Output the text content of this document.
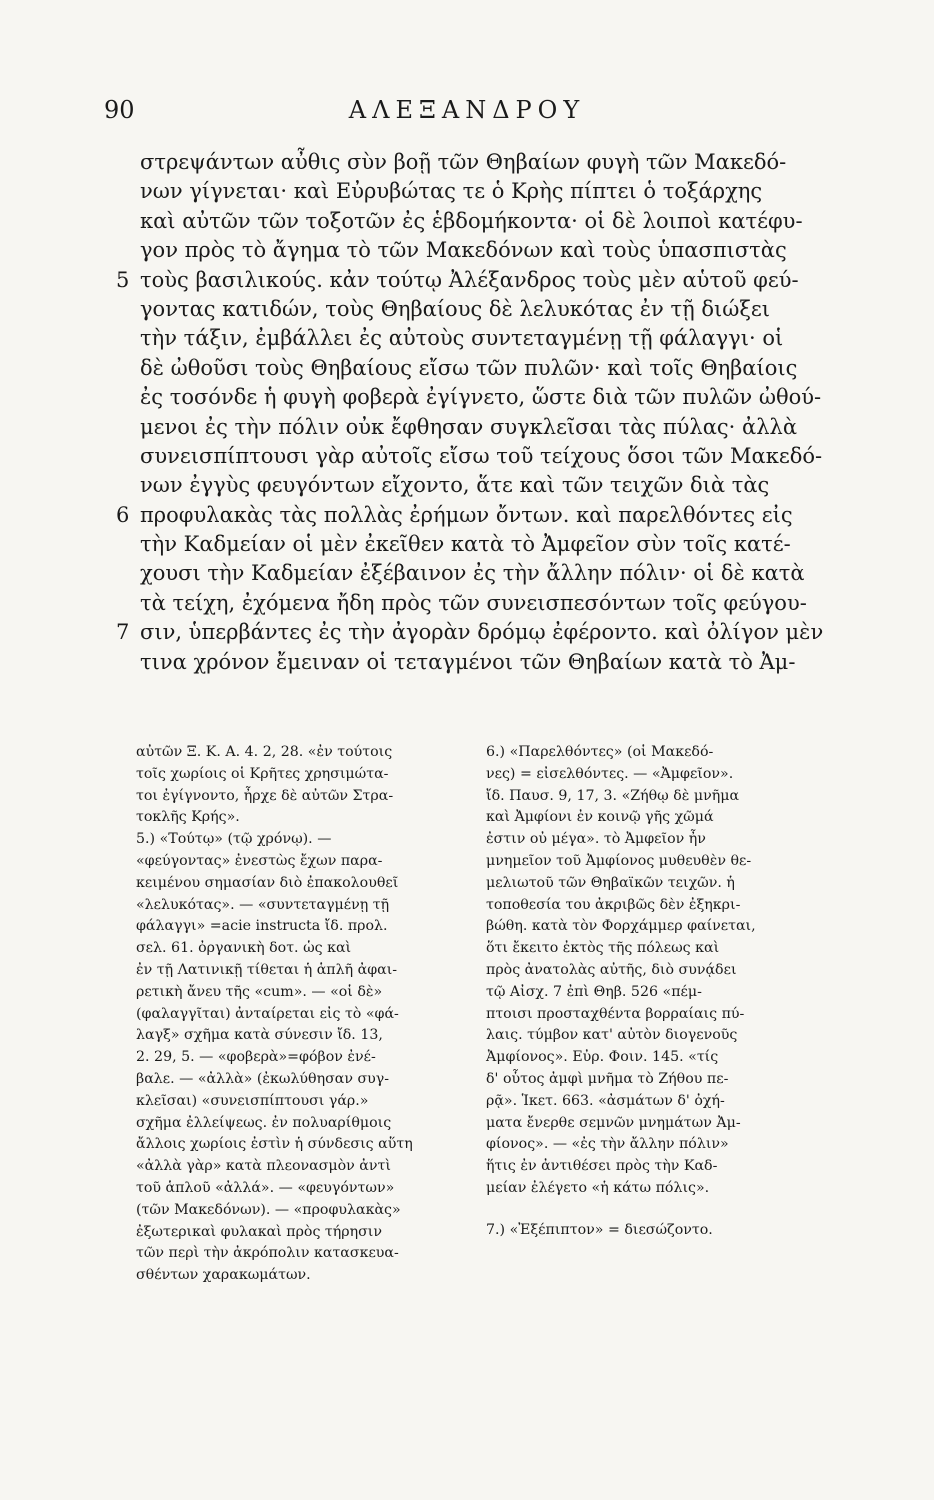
90	ΑΛΕΞΑΝΔΡΟΥ
στρεψάντων αὖθις σὺν βοῇ τῶν Θηβαίων φυγὴ τῶν Μακεδό-
νων γίγνεται· καὶ Εὐρυβώτας τε ὁ Κρὴς πίπτει ὁ τοξάρχης
καὶ αὐτῶν τῶν τοξοτῶν ἐς ἑβδομήκοντα· οἱ δὲ λοιποὶ κατέφυ-
γον πρὸς τὸ ἄγημα τὸ τῶν Μακεδόνων καὶ τοὺς ὑπασπιστὰς
5 τοὺς βασιλικούς. κἀν τούτῳ Ἀλέξανδρος τοὺς μὲν αὑτοῦ φεύ-
γοντας κατιδών, τοὺς Θηβαίους δὲ λελυκότας ἐν τῇ διώξει
τὴν τάξιν, ἐμβάλλει ἐς αὐτοὺς συντεταγμένῃ τῇ φάλαγγι· οἱ
δὲ ὠθοῦσι τοὺς Θηβαίους εἴσω τῶν πυλῶν· καὶ τοῖς Θηβαίοις
ἐς τοσόνδε ἡ φυγὴ φοβερὰ ἐγίγνετο, ὥστε διὰ τῶν πυλῶν ὠθού-
μενοι ἐς τὴν πόλιν οὐκ ἔφθησαν συγκλεῖσαι τὰς πύλας· ἀλλὰ
συνεισπίπτουσι γὰρ αὐτοῖς εἴσω τοῦ τείχους ὅσοι τῶν Μακεδό-
νων ἐγγὺς φευγόντων εἴχοντο, ἅτε καὶ τῶν τειχῶν διὰ τὰς
6 προφυλακὰς τὰς πολλὰς ἐρήμων ὄντων. καὶ παρελθόντες εἰς
τὴν Καδμείαν οἱ μὲν ἐκεῖθεν κατὰ τὸ Ἀμφεῖον σὺν τοῖς κατέ-
χουσι τὴν Καδμείαν ἐξέβαινον ἐς τὴν ἄλλην πόλιν· οἱ δὲ κατὰ
τὰ τείχη, ἐχόμενα ἤδη πρὸς τῶν συνεισπεσόντων τοῖς φεύγου-
7 σιν, ὑπερβάντες ἐς τὴν ἀγορὰν δρόμῳ ἐφέροντο. καὶ ὀλίγον μὲν
τινα χρόνον ἔμειναν οἱ τεταγμένοι τῶν Θηβαίων κατὰ τὸ Ἀμ-
αὐτῶν Ξ. Κ. Α. 4. 2, 28. «ἐν τούτοις
τοῖς χωρίοις οἱ Κρῆτες χρησιμώτα-
τοι ἐγίγνοντο, ἦρχε δὲ αὐτῶν Στρα-
τοκλῆς Κρής».
5.) «Τούτῳ» (τῷ χρόνῳ). —
«φεύγοντας» ἐνεστὼς ἔχων παρα-
κειμένου σημασίαν διὸ ἐπακολουθεῖ
«λελυκότας». — «συντεταγμένῃ τῇ
φάλαγγι» =acie instructa ἴδ. προλ.
σελ. 61. ὀργανικὴ δοτ. ὡς καὶ
ἐν τῇ Λατινικῇ τίθεται ἡ ἁπλῆ ἀφαι-
ρετικὴ ἄνευ τῆς «cum». — «οἱ δὲ»
(φαλαγγῖται) ἀνταίρεται εἰς τὸ «φά-
λαγξ» σχῆμα κατὰ σύνεσιν ἴδ. 13,
2. 29, 5. — «φοβερὰ»=φόβον ἐνέ-
βαλε. — «ἀλλὰ» (ἐκωλύθησαν συγ-
κλεῖσαι) «συνεισπίπτουσι γάρ.»
σχῆμα ἐλλείψεως. ἐν πολυαρίθμοις
ἄλλοις χωρίοις ἐστὶν ἡ σύνδεσις αὕτη
«ἀλλὰ γὰρ» κατὰ πλεονασμὸν ἀντὶ
τοῦ ἁπλοῦ «ἀλλά». — «φευγόντων»
(τῶν Μακεδόνων). — «προφυλακὰς»
ἐξωτερικαὶ φυλακαὶ πρὸς τήρησιν
τῶν περὶ τὴν ἀκρόπολιν κατασκευα-
σθέντων χαρακωμάτων.
6.) «Παρελθόντες» (οἱ Μακεδό-
νες) = εἰσελθόντες. — «Ἀμφεῖον».
ἴδ. Παυσ. 9, 17, 3. «Ζήθῳ δὲ μνῆμα
καὶ Ἀμφίονι ἐν κοινῷ γῆς χῶμά
ἐστιν οὐ μέγα». τὸ Ἀμφεῖον ἦν
μνημεῖον τοῦ Ἀμφίονος μυθευθὲν θε-
μελιωτοῦ τῶν Θηβαϊκῶν τειχῶν. ἡ
τοποθεσία του ἀκριβῶς δὲν ἐξηκρι-
βώθη. κατὰ τὸν Φορχάμμερ φαίνεται,
ὅτι ἔκειτο ἐκτὸς τῆς πόλεως καὶ
πρὸς ἀνατολὰς αὐτῆς, διὸ συνᾴδει
τῷ Αἰσχ. 7 ἐπὶ Θηβ. 526 «πέμ-
πτοισι προσταχθέντα βορραίαις πύ-
λαις. τύμβον κατ' αὐτὸν διογενοῦς
Ἀμφίονος». Εὐρ. Φοιν. 145. «τίς
δ' οὗτος ἀμφὶ μνῆμα τὸ Ζήθου πε-
ρᾷ». Ἱκετ. 663. «ἀσμάτων δ' ὀχή-
ματα ἔνερθε σεμνῶν μνημάτων Ἀμ-
φίονος». — «ἐς τὴν ἄλλην πόλιν»
ἥτις ἐν ἀντιθέσει πρὸς τὴν Καδ-
μείαν ἐλέγετο «ἡ κάτω πόλις».
7.) «Ἐξέπιπτον» = διεσώζοντο.
